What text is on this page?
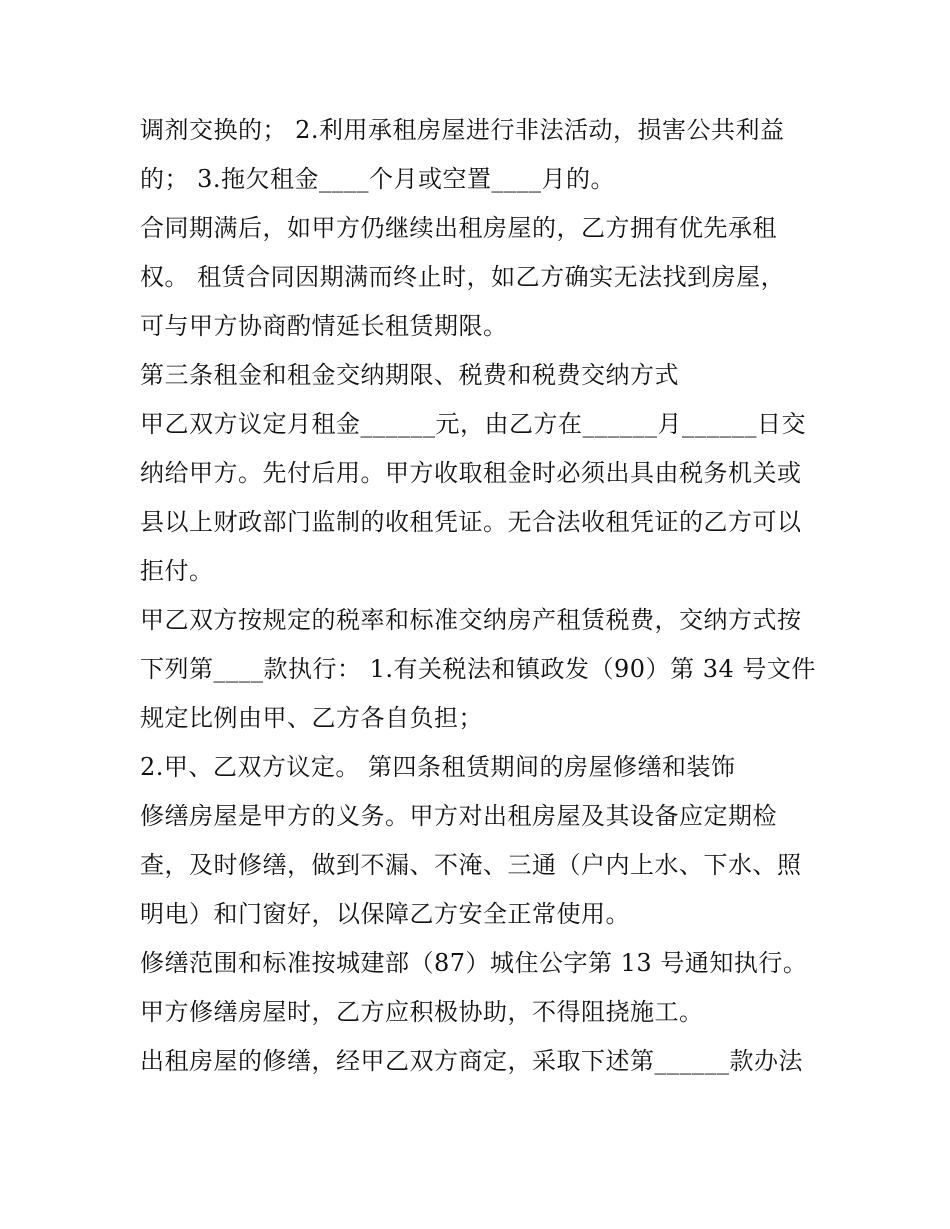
调剂交换的； 2.利用承租房屋进行非法活动，损害公共利益
的； 3.拖欠租金____个月或空置____月的。
合同期满后，如甲方仍继续出租房屋的，乙方拥有优先承租
权。 租赁合同因期满而终止时，如乙方确实无法找到房屋，
可与甲方协商酌情延长租赁期限。
第三条租金和租金交纳期限、税费和税费交纳方式
甲乙双方议定月租金______元，由乙方在______月______日交
纳给甲方。先付后用。甲方收取租金时必须出具由税务机关或
县以上财政部门监制的收租凭证。无合法收租凭证的乙方可以
拒付。
甲乙双方按规定的税率和标准交纳房产租赁税费，交纳方式按
下列第____款执行： 1.有关税法和镇政发（90）第 34 号文件
规定比例由甲、乙方各自负担；
2.甲、乙双方议定。 第四条租赁期间的房屋修缮和装饰
修缮房屋是甲方的义务。甲方对出租房屋及其设备应定期检
查，及时修缮，做到不漏、不淹、三通（户内上水、下水、照
明电）和门窗好，以保障乙方安全正常使用。
修缮范围和标准按城建部（87）城住公字第 13 号通知执行。
甲方修缮房屋时，乙方应积极协助，不得阻挠施工。
出租房屋的修缮，经甲乙双方商定，采取下述第______款办法
